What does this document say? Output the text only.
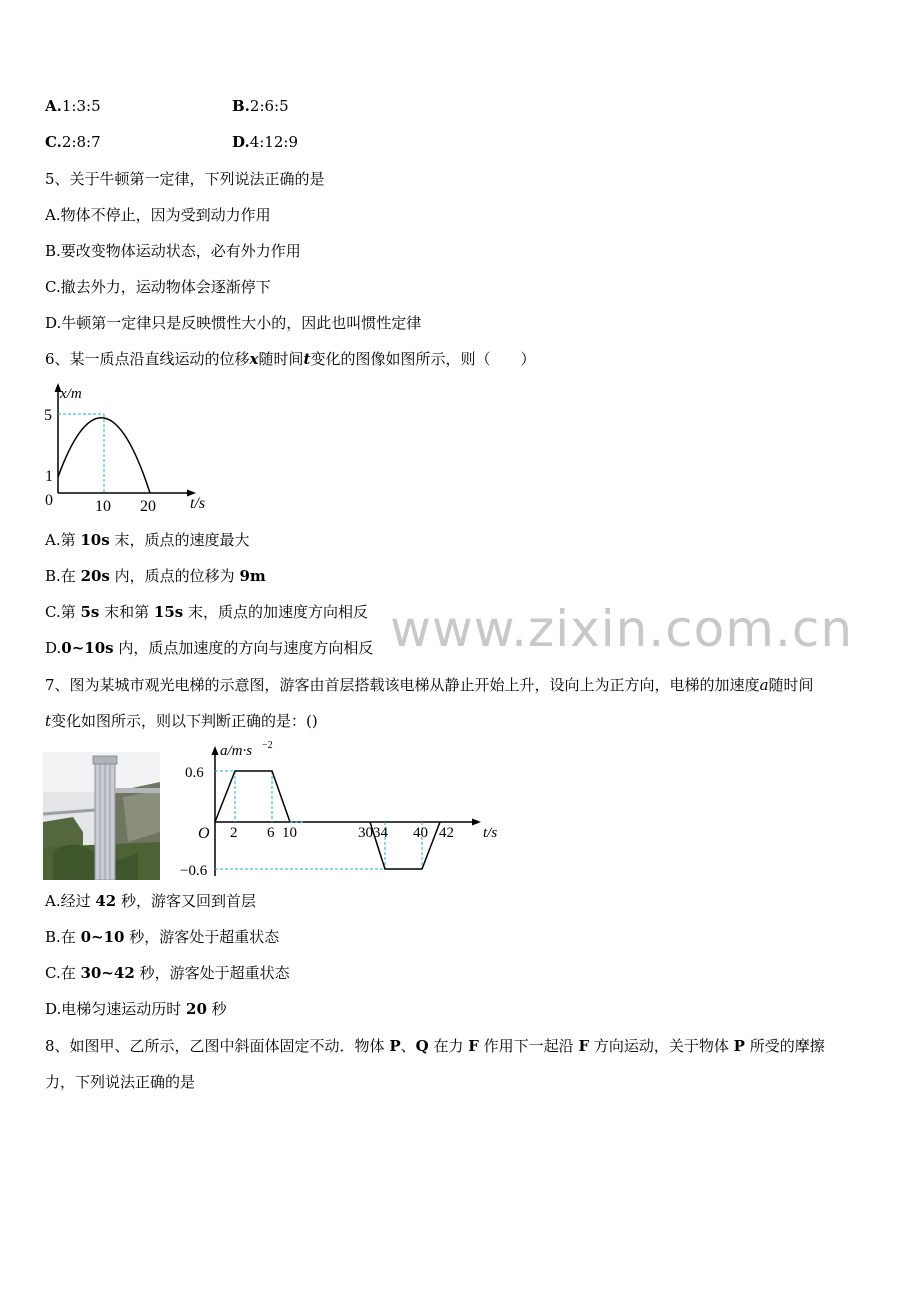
A.1:3:5	B.2:6:5
C.2:8:7	D.4:12:9
5、关于牛顿第一定律，下列说法正确的是
A.物体不停止，因为受到动力作用
B.要改变物体运动状态，必有外力作用
C.撤去外力，运动物体会逐渐停下
D.牛顿第一定律只是反映惯性大小的，因此也叫惯性定律
6、某一质点沿直线运动的位移x随时间t变化的图像如图所示，则（　　）
x/m
5
1
0	10 20 t/s
A.第 10s 末，质点的速度最大
B.在 20s 内，质点的位移为 9m
C.第 5s 末和第 15s 末，质点的加速度方向相反
D.0~10s 内，质点加速度的方向与速度方向相反 www.zixin.com.cn
7、图为某城市观光电梯的示意图，游客由首层搭载该电梯从静止开始上升，设向上为正方向，电梯的加速度a随时间
t变化如图所示，则以下判断正确的是：()
a/m·s −2
0.6
−0.6
O 2 6 10	3034 40 42 t/s
A.经过 42 秒，游客又回到首层
B.在 0~10 秒，游客处于超重状态
C.在 30~42 秒，游客处于超重状态
D.电梯匀速运动历时 20 秒
8、如图甲、乙所示，乙图中斜面体固定不动．物体 P、Q 在力 F 作用下一起沿 F 方向运动，关于物体 P 所受的摩擦
力，下列说法正确的是
